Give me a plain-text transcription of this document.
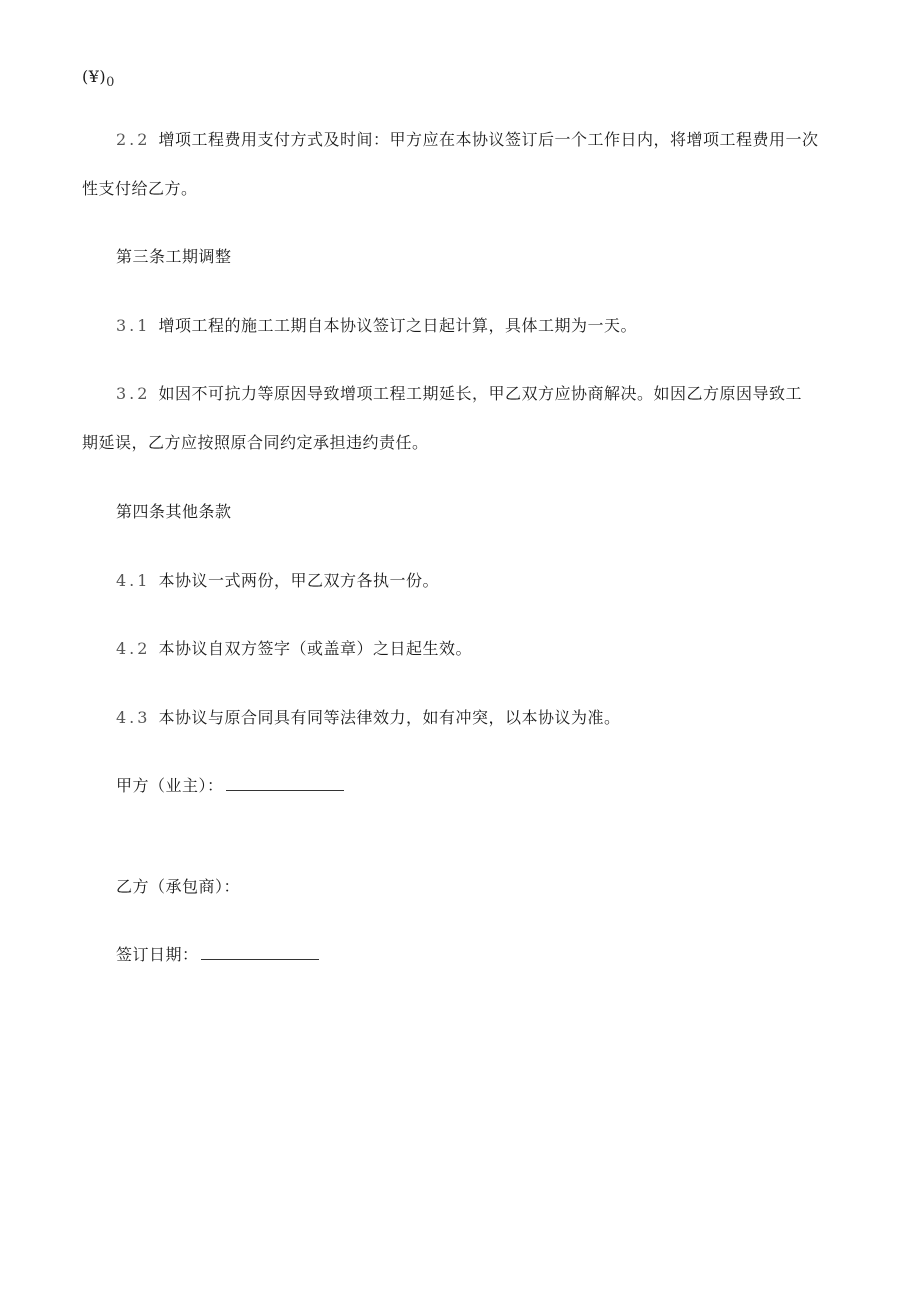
$(¥)_0$
2.2 增项工程费用支付方式及时间：甲方应在本协议签订后一个工作日内，将增项工程费用一次
性支付给乙方。
第三条工期调整
3.1 增项工程的施工工期自本协议签订之日起计算，具体工期为一天。
3.2 如因不可抗力等原因导致增项工程工期延长，甲乙双方应协商解决。如因乙方原因导致工
期延误，乙方应按照原合同约定承担违约责任。
第四条其他条款
4.1 本协议一式两份，甲乙双方各执一份。
4.2 本协议自双方签字（或盖章）之日起生效。
4.3 本协议与原合同具有同等法律效力，如有冲突，以本协议为准。
甲方（业主）：
乙方（承包商）：
签订日期：
